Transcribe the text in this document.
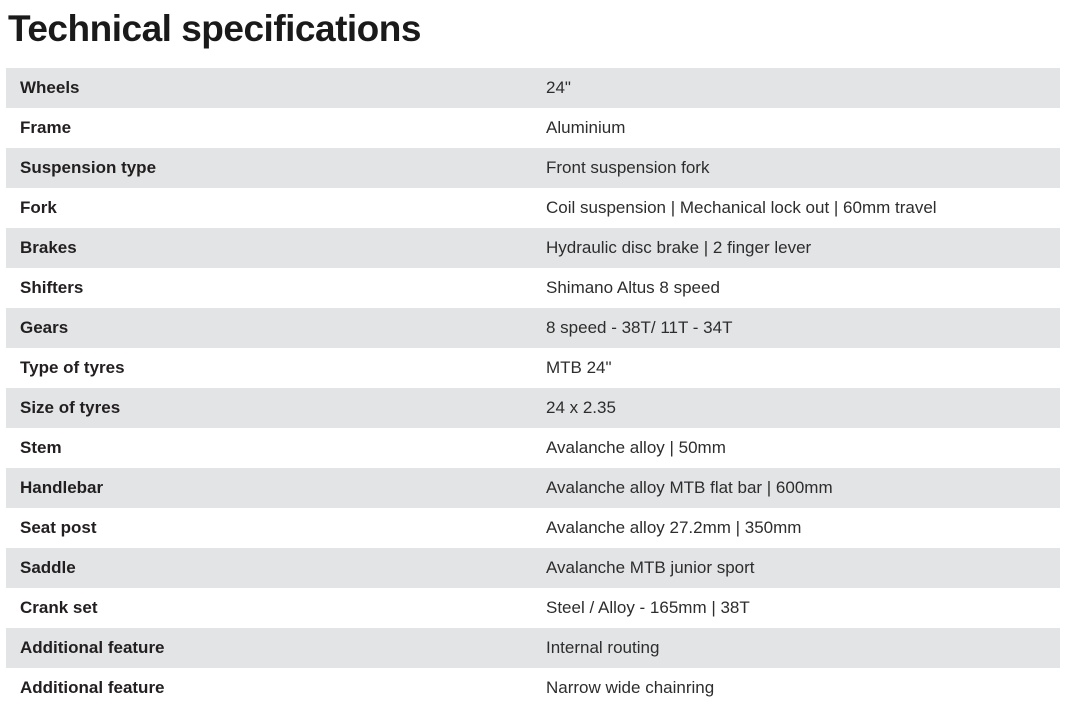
Technical specifications
Wheels	24"
Frame	Aluminium
Suspension type	Front suspension fork
Fork	Coil suspension | Mechanical lock out | 60mm travel
Brakes	Hydraulic disc brake | 2 finger lever
Shifters	Shimano Altus 8 speed
Gears	8 speed - 38T/ 11T - 34T
Type of tyres	MTB 24"
Size of tyres	24 x 2.35
Stem	Avalanche alloy | 50mm
Handlebar	Avalanche alloy MTB flat bar | 600mm
Seat post	Avalanche alloy 27.2mm | 350mm
Saddle	Avalanche MTB junior sport
Crank set	Steel / Alloy - 165mm | 38T
Additional feature	Internal routing
Additional feature	Narrow wide chainring
